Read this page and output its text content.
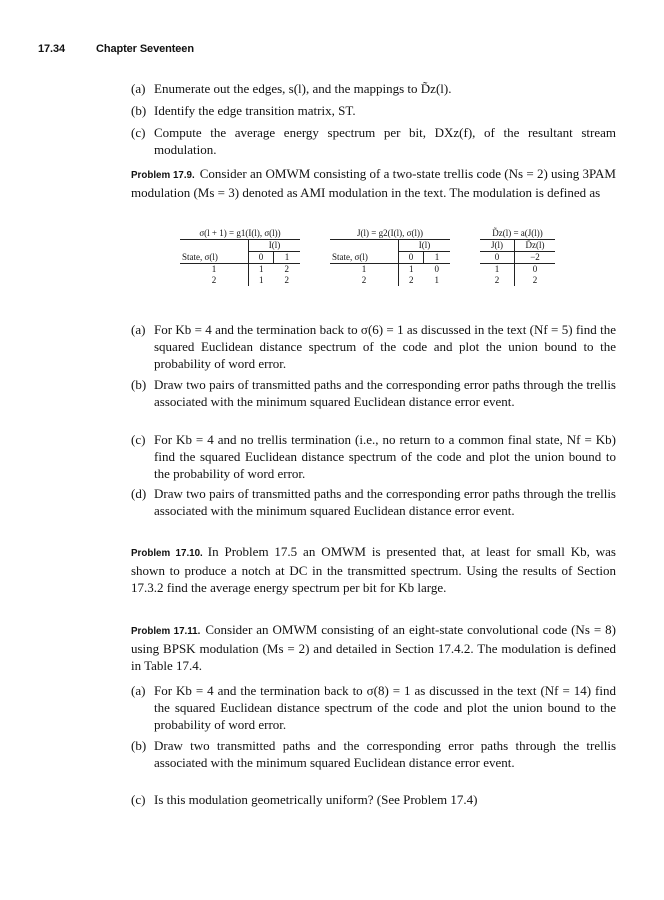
17.34	Chapter Seventeen
(a) Enumerate out the edges, s(l), and the mappings to D̃z(l).
(b) Identify the edge transition matrix, ST.
(c) Compute the average energy spectrum per bit, DXz(f), of the resultant stream modulation.
Problem 17.9. Consider an OMWM consisting of a two-state trellis code (Ns = 2) using 3PAM modulation (Ms = 3) denoted as AMI modulation in the text. The modulation is defined as
σ(l + 1) = g1(I(l), σ(l))		
	I(l)	
State, σ(l)	0	1
1	1	2
2	1	2
J(l) = g2(I(l), σ(l))		
	I(l)	
State, σ(l)	0	1
1	1	0
2	2	1
D̃z(l) = a(J(l))	
J(l)	D̃z(l)
0	−2
1	0
2	2
(a) For Kb = 4 and the termination back to σ(6) = 1 as discussed in the text (Nf = 5) find the squared Euclidean distance spectrum of the code and plot the union bound to the probability of word error.
(b) Draw two pairs of transmitted paths and the corresponding error paths through the trellis associated with the minimum squared Euclidean distance error event.
(c) For Kb = 4 and no trellis termination (i.e., no return to a common final state, Nf = Kb) find the squared Euclidean distance spectrum of the code and plot the union bound to the probability of word error.
(d) Draw two pairs of transmitted paths and the corresponding error paths through the trellis associated with the minimum squared Euclidean distance error event.
Problem 17.10. In Problem 17.5 an OMWM is presented that, at least for small Kb, was shown to produce a notch at DC in the transmitted spectrum. Using the results of Section 17.3.2 find the average energy spectrum per bit for Kb large.
Problem 17.11. Consider an OMWM consisting of an eight-state convolutional code (Ns = 8) using BPSK modulation (Ms = 2) and detailed in Section 17.4.2. The modulation is defined in Table 17.4.
(a) For Kb = 4 and the termination back to σ(8) = 1 as discussed in the text (Nf = 14) find the squared Euclidean distance spectrum of the code and plot the union bound to the probability of word error.
(b) Draw two transmitted paths and the corresponding error paths through the trellis associated with the minimum squared Euclidean distance error event.
(c) Is this modulation geometrically uniform? (See Problem 17.4)
